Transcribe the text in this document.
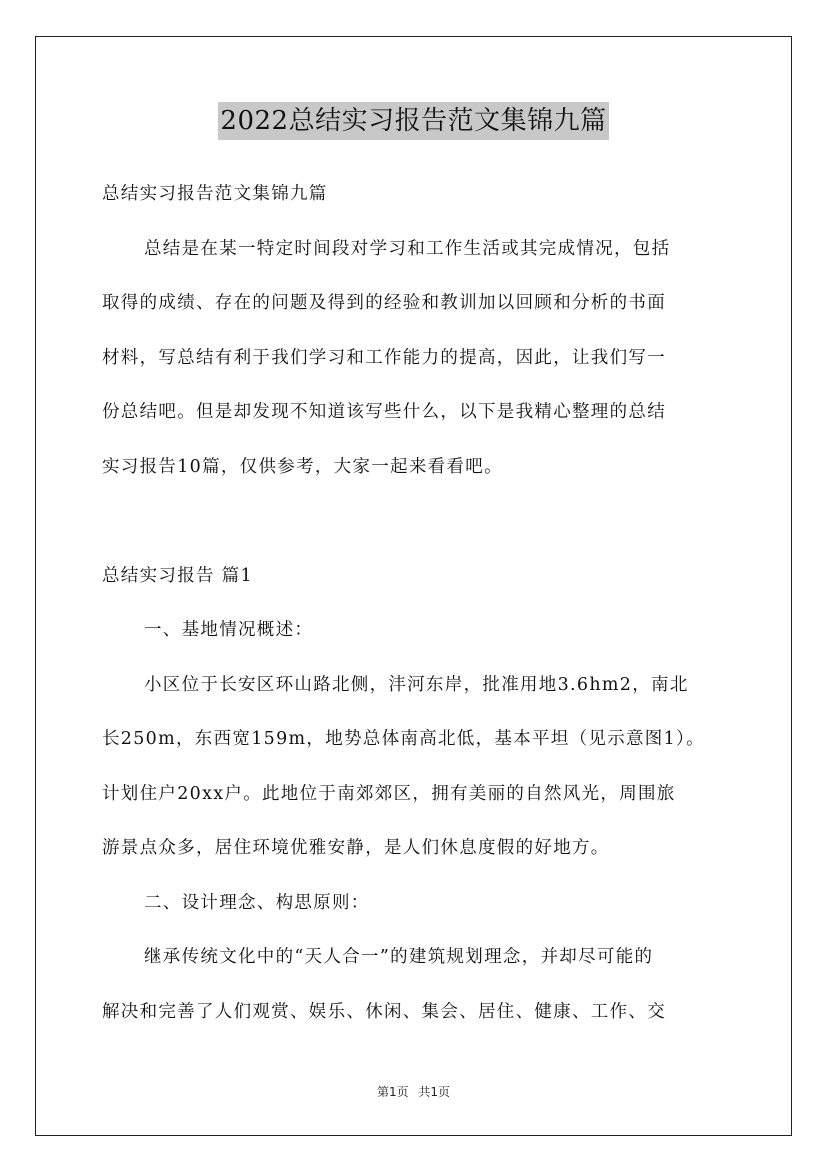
2022总结实习报告范文集锦九篇
总结实习报告范文集锦九篇
总结是在某一特定时间段对学习和工作生活或其完成情况，包括
取得的成绩、存在的问题及得到的经验和教训加以回顾和分析的书面
材料，写总结有利于我们学习和工作能力的提高，因此，让我们写一
份总结吧。但是却发现不知道该写些什么，以下是我精心整理的总结
实习报告10篇，仅供参考，大家一起来看看吧。
总结实习报告 篇1
一、基地情况概述：
小区位于长安区环山路北侧，沣河东岸，批准用地3.6hm2，南北
长250m，东西宽159m，地势总体南高北低，基本平坦（见示意图1）。
计划住户20xx户。此地位于南郊郊区，拥有美丽的自然风光，周围旅
游景点众多，居住环境优雅安静，是人们休息度假的好地方。
二、设计理念、构思原则：
继承传统文化中的“天人合一”的建筑规划理念，并却尽可能的
解决和完善了人们观赏、娱乐、休闲、集会、居住、健康、工作、交
第1页 共1页
